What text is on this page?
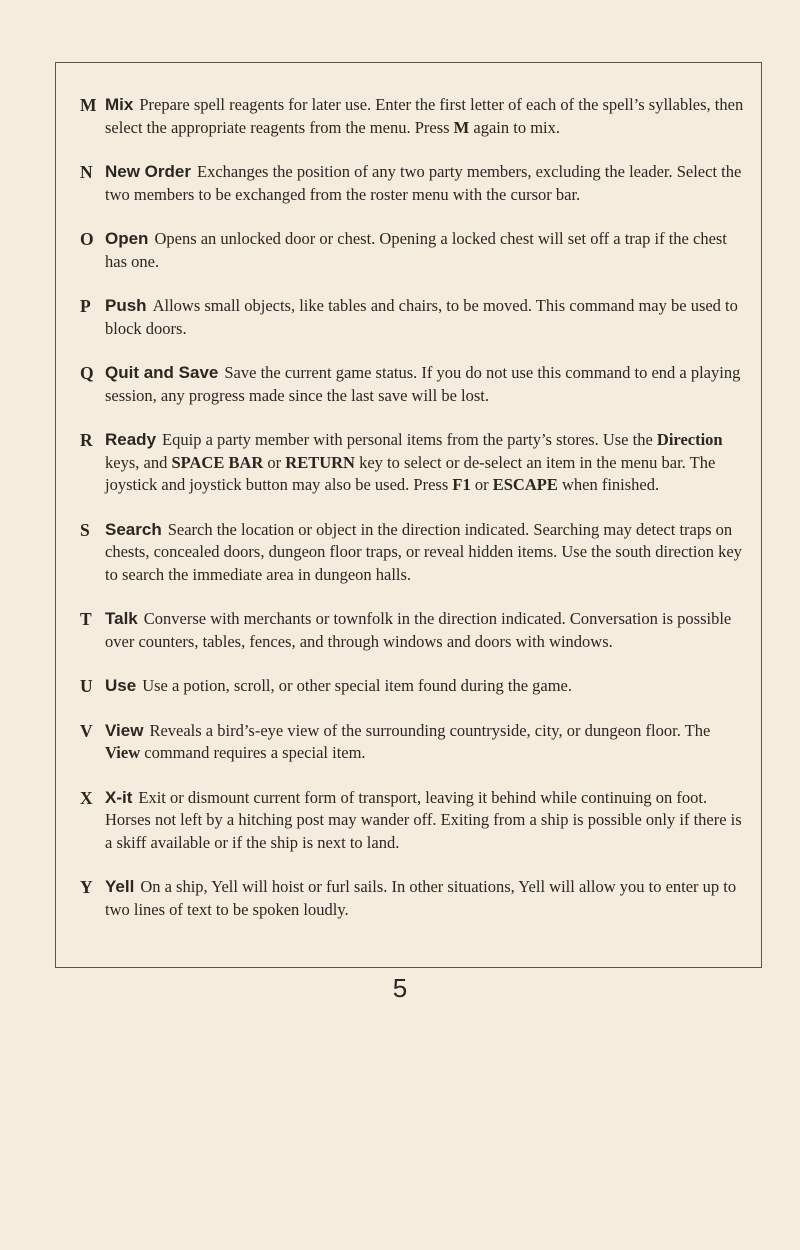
M Mix Prepare spell reagents for later use. Enter the first letter of each of the spell’s syllables, then select the appropriate reagents from the menu. Press M again to mix.
N New Order Exchanges the position of any two party members, excluding the leader. Select the two members to be exchanged from the roster menu with the cursor bar.
O Open Opens an unlocked door or chest. Opening a locked chest will set off a trap if the chest has one.
P Push Allows small objects, like tables and chairs, to be moved. This command may be used to block doors.
Q Quit and Save Save the current game status. If you do not use this command to end a playing session, any progress made since the last save will be lost.
R Ready Equip a party member with personal items from the party’s stores. Use the Direction keys, and SPACE BAR or RETURN key to select or de-select an item in the menu bar. The joystick and joystick button may also be used. Press F1 or ESCAPE when finished.
S Search Search the location or object in the direction indicated. Searching may detect traps on chests, concealed doors, dungeon floor traps, or reveal hidden items. Use the south direction key to search the immediate area in dungeon halls.
T Talk Converse with merchants or townfolk in the direction indicated. Conversation is possible over counters, tables, fences, and through windows and doors with windows.
U Use Use a potion, scroll, or other special item found during the game.
V View Reveals a bird’s-eye view of the surrounding countryside, city, or dungeon floor. The View command requires a special item.
X X-it Exit or dismount current form of transport, leaving it behind while continuing on foot. Horses not left by a hitching post may wander off. Exiting from a ship is possible only if there is a skiff available or if the ship is next to land.
Y Yell On a ship, Yell will hoist or furl sails. In other situations, Yell will allow you to enter up to two lines of text to be spoken loudly.
5
